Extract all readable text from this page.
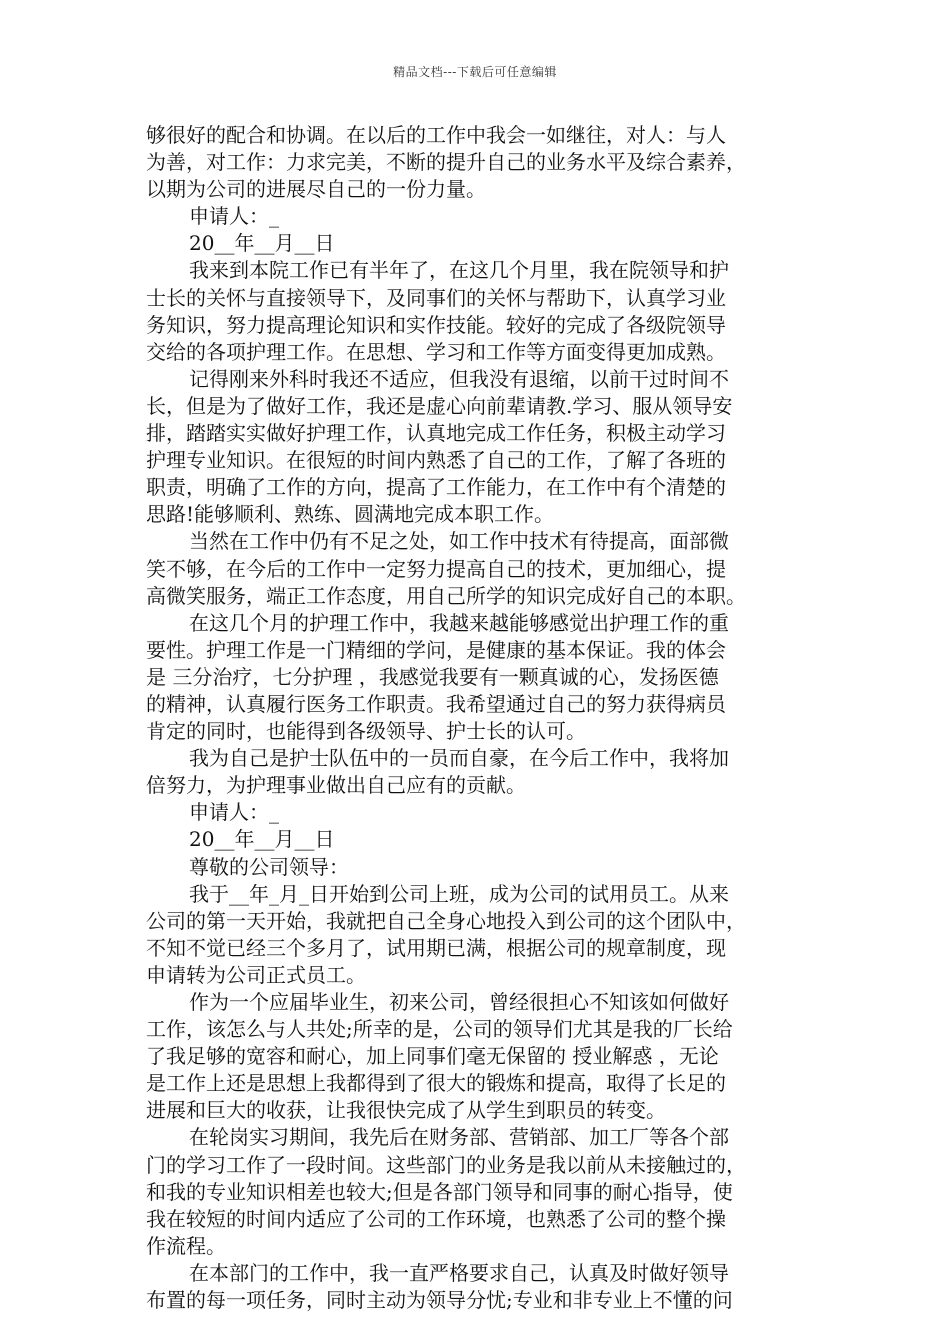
精品文档---下载后可任意编辑
够很好的配合和协调。在以后的工作中我会一如继往，对人：与人
为善，对工作：力求完美，不断的提升自己的业务水平及综合素养，
以期为公司的进展尽自己的一份力量。
申请人：_
20__年__月__日
我来到本院工作已有半年了，在这几个月里，我在院领导和护
士长的关怀与直接领导下，及同事们的关怀与帮助下，认真学习业
务知识，努力提高理论知识和实作技能。较好的完成了各级院领导
交给的各项护理工作。在思想、学习和工作等方面变得更加成熟。
记得刚来外科时我还不适应，但我没有退缩，以前干过时间不
长，但是为了做好工作，我还是虚心向前辈请教.学习、服从领导安
排，踏踏实实做好护理工作，认真地完成工作任务，积极主动学习
护理专业知识。在很短的时间内熟悉了自己的工作，了解了各班的
职责，明确了工作的方向，提高了工作能力，在工作中有个清楚的
思路!能够顺利、熟练、圆满地完成本职工作。
当然在工作中仍有不足之处，如工作中技术有待提高，面部微
笑不够，在今后的工作中一定努力提高自己的技术，更加细心，提
高微笑服务，端正工作态度，用自己所学的知识完成好自己的本职。
在这几个月的护理工作中，我越来越能够感觉出护理工作的重
要性。护理工作是一门精细的学问，是健康的基本保证。我的体会
是 三分治疗，七分护理 ，我感觉我要有一颗真诚的心，发扬医德
的精神，认真履行医务工作职责。我希望通过自己的努力获得病员
肯定的同时，也能得到各级领导、护士长的认可。
我为自己是护士队伍中的一员而自豪，在今后工作中，我将加
倍努力，为护理事业做出自己应有的贡献。
申请人：_
20__年__月__日
尊敬的公司领导：
我于__年_月_日开始到公司上班，成为公司的试用员工。从来
公司的第一天开始，我就把自己全身心地投入到公司的这个团队中，
不知不觉已经三个多月了，试用期已满，根据公司的规章制度，现
申请转为公司正式员工。
作为一个应届毕业生，初来公司，曾经很担心不知该如何做好
工作，该怎么与人共处;所幸的是，公司的领导们尤其是我的厂长给
了我足够的宽容和耐心，加上同事们毫无保留的 授业解惑 ，无论
是工作上还是思想上我都得到了很大的锻炼和提高，取得了长足的
进展和巨大的收获，让我很快完成了从学生到职员的转变。
在轮岗实习期间，我先后在财务部、营销部、加工厂等各个部
门的学习工作了一段时间。这些部门的业务是我以前从未接触过的，
和我的专业知识相差也较大;但是各部门领导和同事的耐心指导，使
我在较短的时间内适应了公司的工作环境，也熟悉了公司的整个操
作流程。
在本部门的工作中，我一直严格要求自己，认真及时做好领导
布置的每一项任务，同时主动为领导分忧;专业和非专业上不懂的问
